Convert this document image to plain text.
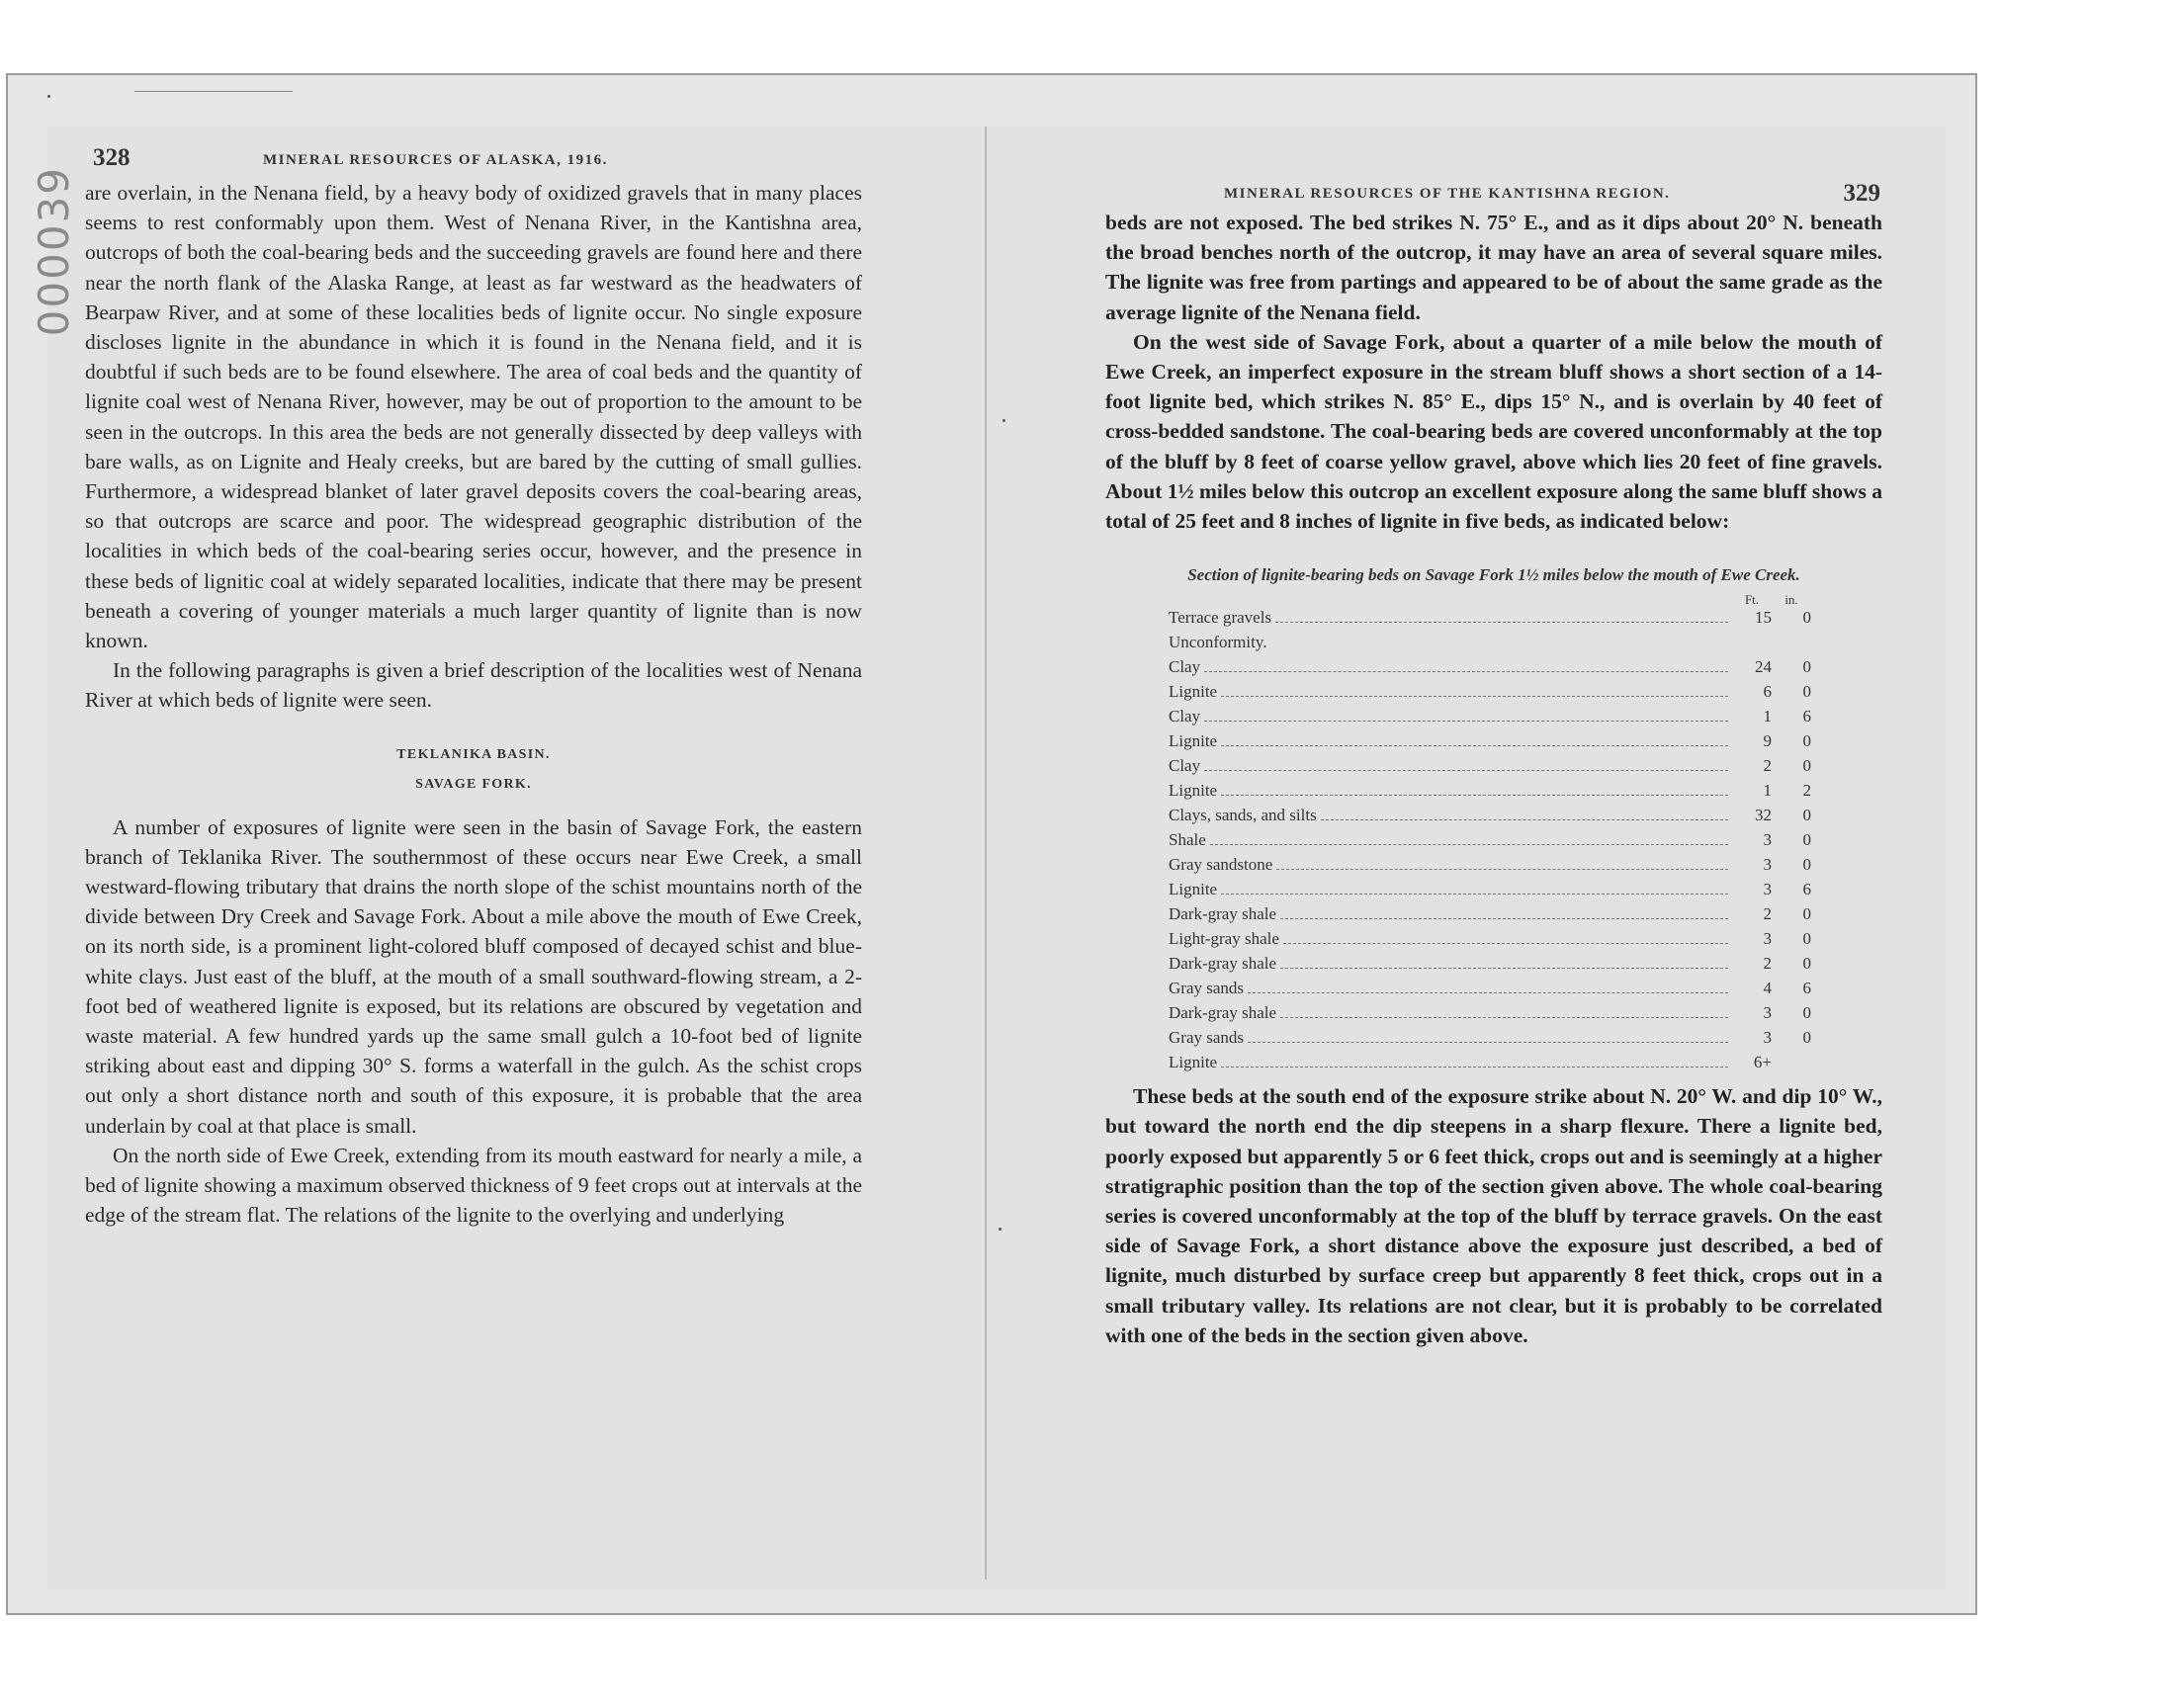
000039
328	MINERAL RESOURCES OF ALASKA, 1916.

are overlain, in the Nenana field, by a heavy body of oxidized gravels that in many places seems to rest conformably upon them. West of Nenana River, in the Kantishna area, outcrops of both the coal-bearing beds and the succeeding gravels are found here and there near the north flank of the Alaska Range, at least as far westward as the headwaters of Bearpaw River, and at some of these localities beds of lignite occur. No single exposure discloses lignite in the abundance in which it is found in the Nenana field, and it is doubtful if such beds are to be found elsewhere. The area of coal beds and the quantity of lignite coal west of Nenana River, however, may be out of proportion to the amount to be seen in the outcrops. In this area the beds are not generally dissected by deep valleys with bare walls, as on Lignite and Healy creeks, but are bared by the cutting of small gullies. Furthermore, a widespread blanket of later gravel deposits covers the coal-bearing areas, so that outcrops are scarce and poor. The widespread geographic distribution of the localities in which beds of the coal-bearing series occur, however, and the presence in these beds of lignitic coal at widely separated localities, indicate that there may be present beneath a covering of younger materials a much larger quantity of lignite than is now known.

In the following paragraphs is given a brief description of the localities west of Nenana River at which beds of lignite were seen.

TEKLANIKA BASIN.
SAVAGE FORK.

A number of exposures of lignite were seen in the basin of Savage Fork, the eastern branch of Teklanika River. The southernmost of these occurs near Ewe Creek, a small westward-flowing tributary that drains the north slope of the schist mountains north of the divide between Dry Creek and Savage Fork. About a mile above the mouth of Ewe Creek, on its north side, is a prominent light-colored bluff composed of decayed schist and blue-white clays. Just east of the bluff, at the mouth of a small southward-flowing stream, a 2-foot bed of weathered lignite is exposed, but its relations are obscured by vegetation and waste material. A few hundred yards up the same small gulch a 10-foot bed of lignite striking about east and dipping 30° S. forms a waterfall in the gulch. As the schist crops out only a short distance north and south of this exposure, it is probable that the area underlain by coal at that place is small.

On the north side of Ewe Creek, extending from its mouth eastward for nearly a mile, a bed of lignite showing a maximum observed thickness of 9 feet crops out at intervals at the edge of the stream flat. The relations of the lignite to the overlying and underlying

MINERAL RESOURCES OF THE KANTISHNA REGION.	329

beds are not exposed. The bed strikes N. 75° E., and as it dips about 20° N. beneath the broad benches north of the outcrop, it may have an area of several square miles. The lignite was free from partings and appeared to be of about the same grade as the average lignite of the Nenana field.

On the west side of Savage Fork, about a quarter of a mile below the mouth of Ewe Creek, an imperfect exposure in the stream bluff shows a short section of a 14-foot lignite bed, which strikes N. 85° E., dips 15° N., and is overlain by 40 feet of cross-bedded sandstone. The coal-bearing beds are covered unconformably at the top of the bluff by 8 feet of coarse yellow gravel, above which lies 20 feet of fine gravels. About 1½ miles below this outcrop an excellent exposure along the same bluff shows a total of 25 feet and 8 inches of lignite in five beds, as indicated below:

Section of lignite-bearing beds on Savage Fork 1½ miles below the mouth of Ewe Creek.
Ft.	in.
Terrace gravels	15	0
Unconformity.
Clay	24	0
Lignite	6	0
Clay	1	6
Lignite	9	0
Clay	2	0
Lignite	1	2
Clays, sands, and silts	32	0
Shale	3	0
Gray sandstone	3	0
Lignite	3	6
Dark-gray shale	2	0
Light-gray shale	3	0
Dark-gray shale	2	0
Gray sands	4	6
Dark-gray shale	3	0
Gray sands	3	0
Lignite	6+

These beds at the south end of the exposure strike about N. 20° W. and dip 10° W., but toward the north end the dip steepens in a sharp flexure. There a lignite bed, poorly exposed but apparently 5 or 6 feet thick, crops out and is seemingly at a higher stratigraphic position than the top of the section given above. The whole coal-bearing series is covered unconformably at the top of the bluff by terrace gravels. On the east side of Savage Fork, a short distance above the exposure just described, a bed of lignite, much disturbed by surface creep but apparently 8 feet thick, crops out in a small tributary valley. Its relations are not clear, but it is probably to be correlated with one of the beds in the section given above.
